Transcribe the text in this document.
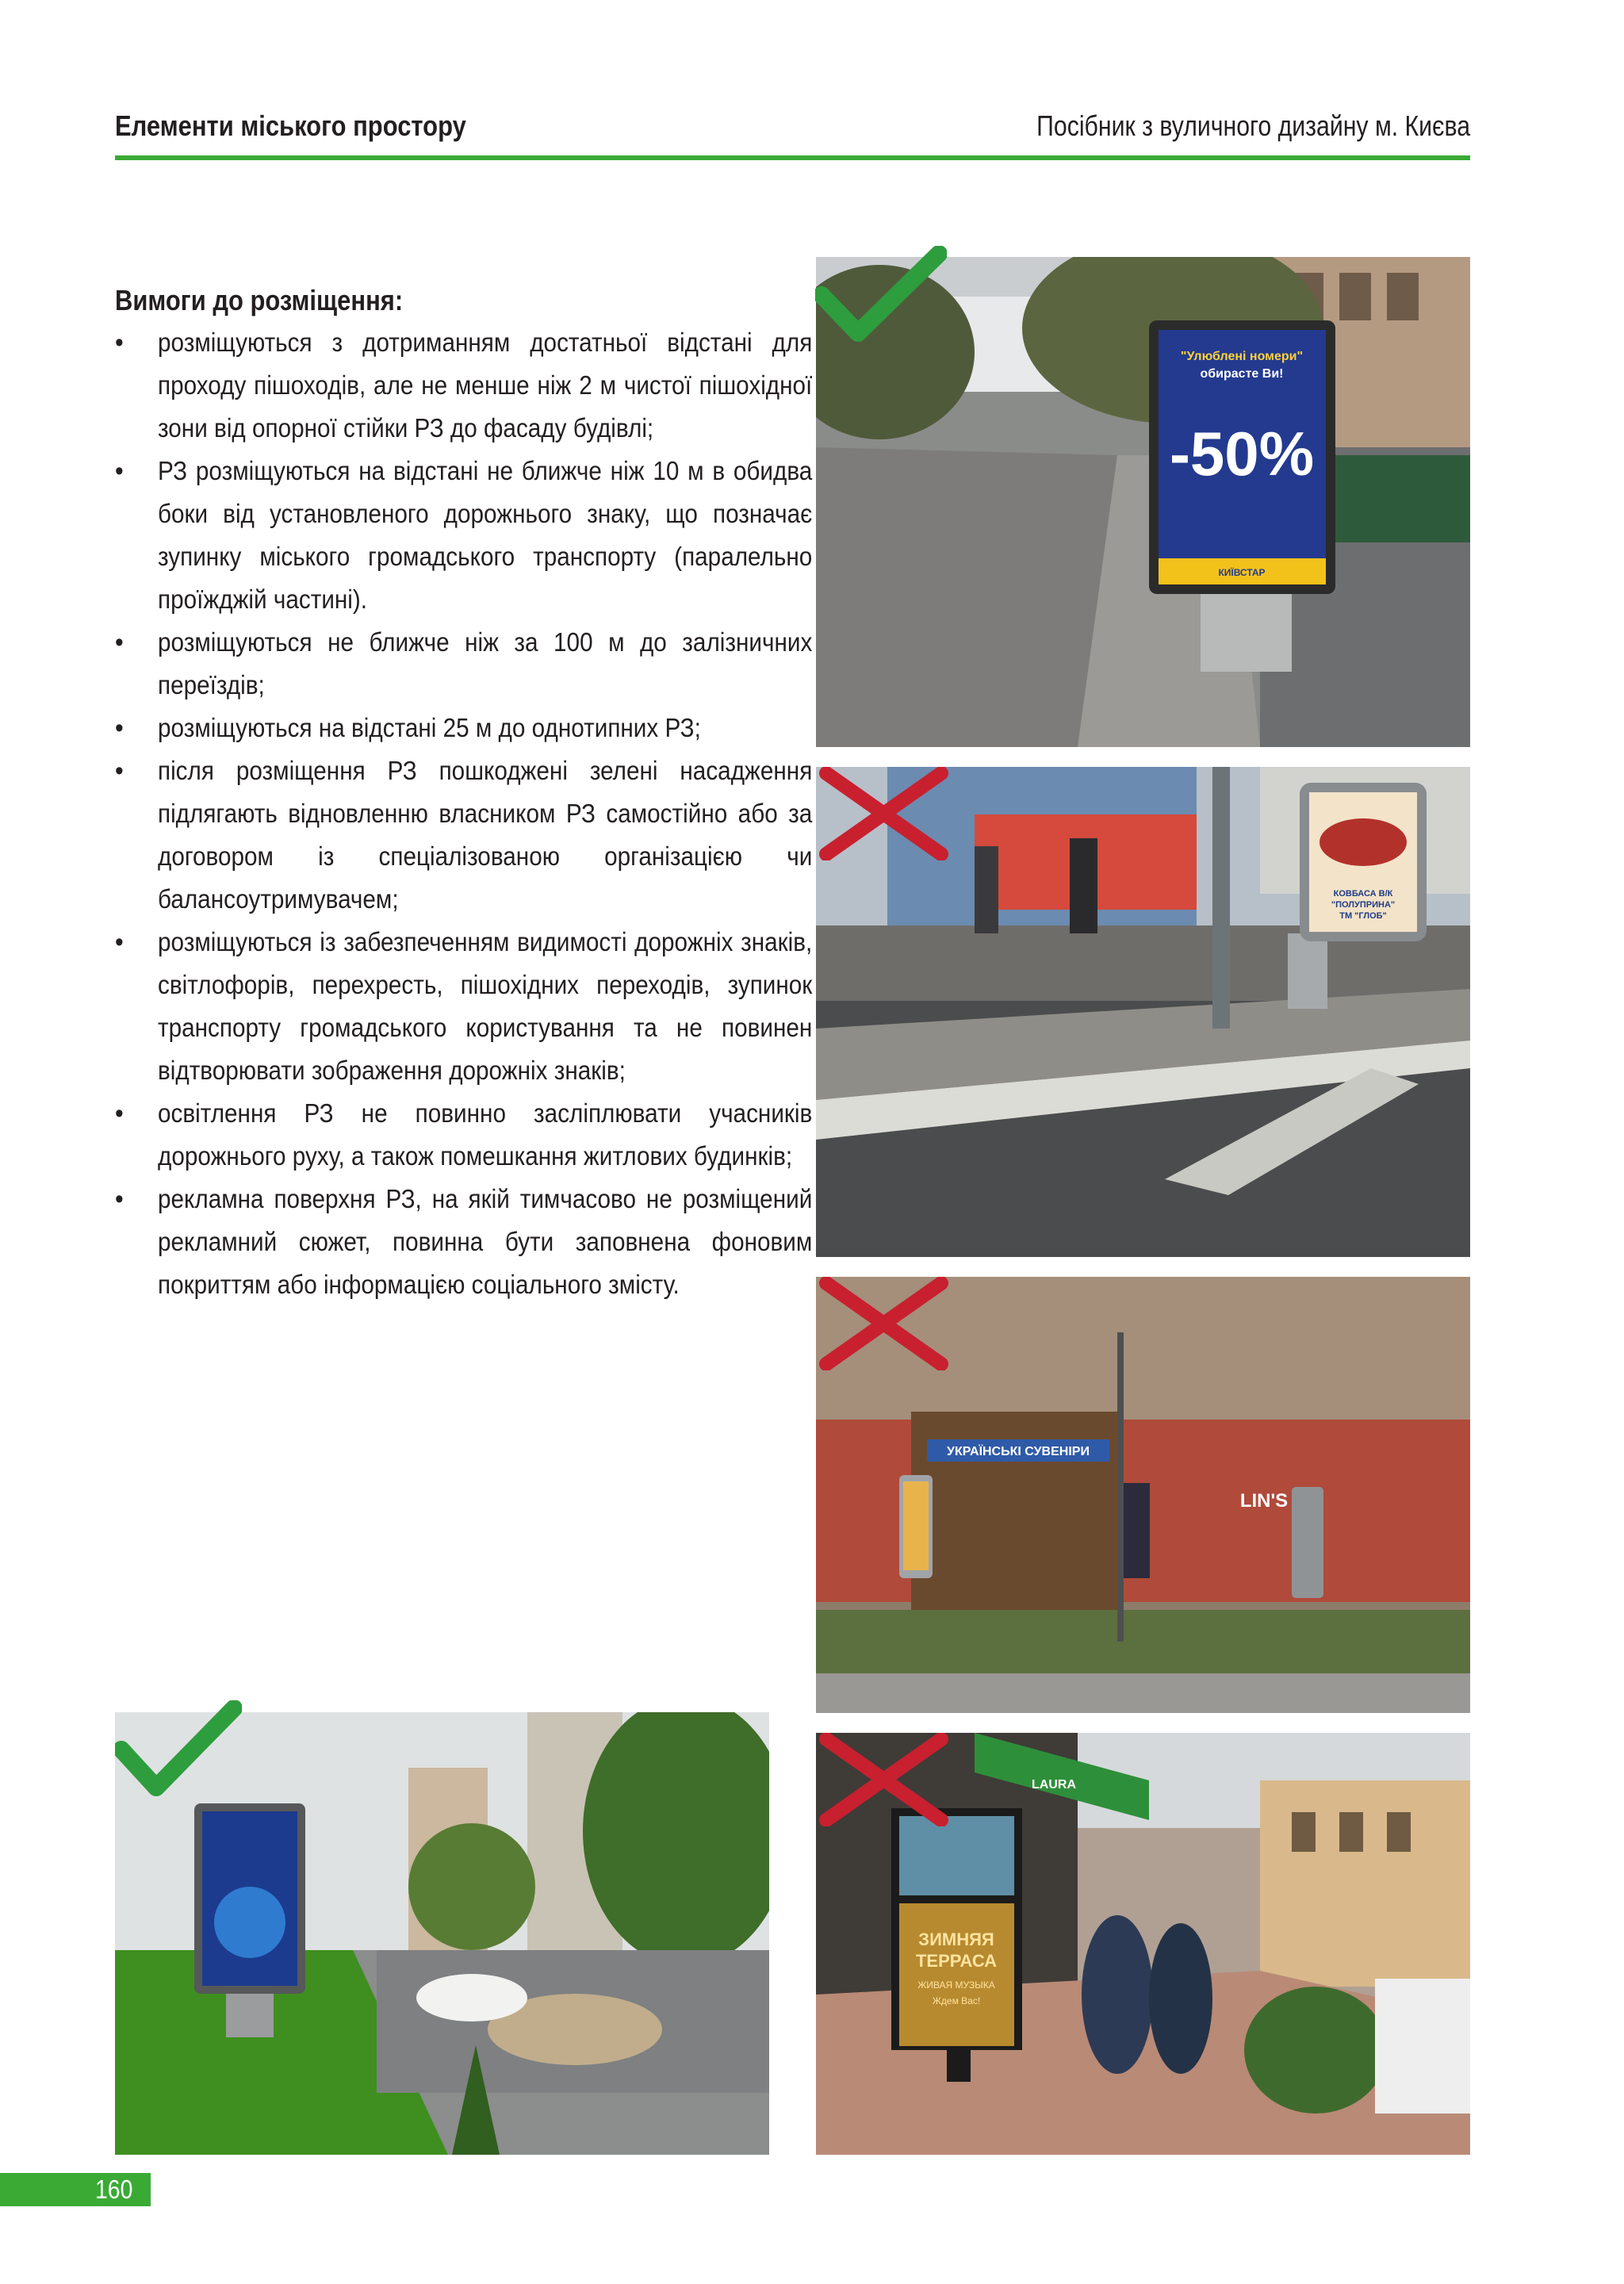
Елементи міського простору	Посібник з вуличного дизайну м. Києва
Вимоги до розміщення:
• розміщуються з дотриманням достатньої відстані для проходу пішоходів, але не менше ніж 2 м чистої пішохідної зони від опорної стійки РЗ до фасаду будівлі;
• РЗ розміщуються на відстані не ближче ніж 10 м в обидва боки від установленого дорожнього знаку, що позначає зупинку міського громадського транспорту (паралельно проїжджій частині).
• розміщуються не ближче ніж за 100 м до залізничних переїздів;
• розміщуються на відстані 25 м до однотипних РЗ;
• після розміщення РЗ пошкоджені зелені насадження підлягають відновленню власником РЗ самостійно або за договором із спеціалізованою організацією чи балансоутримувачем;
• розміщуються із забезпеченням видимості дорожніх знаків, світлофорів, перехресть, пішохідних переходів, зупинок транспорту громадського користування та не повинен відтворювати зображення дорожніх знаків;
• освітлення РЗ не повинно засліплювати учасників дорожнього руху, а також помешкання житлових будинків;
• рекламна поверхня РЗ, на якій тимчасово не розміщений рекламний сюжет, повинна бути заповнена фоновим покриттям або інформацією соціального змісту.
"Улюблені номери"
обирасте Ви!
-50%
КИЇВСТАР
КОВБАСА В/К
"ПОЛУПРИНА"
ТМ "ГЛОБ"
УКРАЇНСЬКІ СУВЕНІРИ
LIN'S
LAURA
ЗИМНЯЯ
ТЕРРАСА
ЖИВАЯ МУЗЫКА
Ждем Вас!
160
